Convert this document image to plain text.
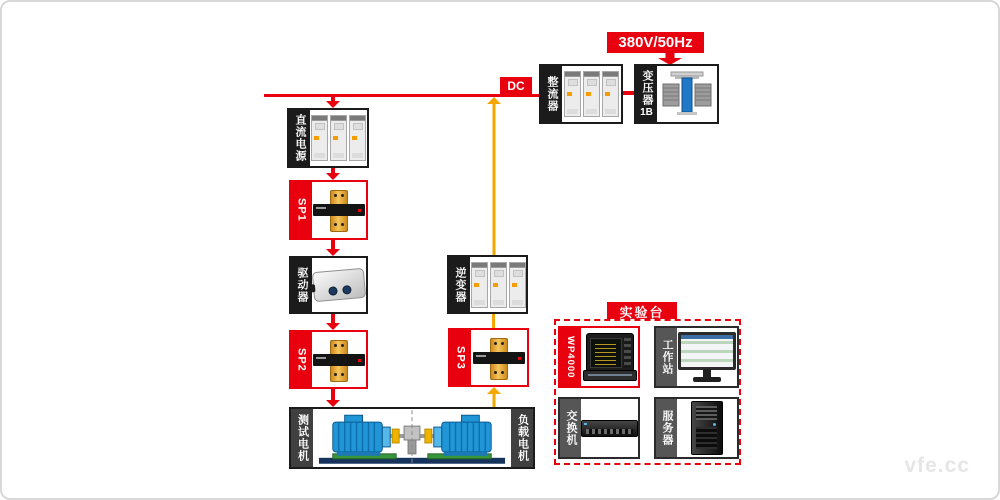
DC
380V/50Hz
整流器	变压器
1B
直流电源
SP1
驱动器
SP2
逆变器
SP3
测试电机	负载电机
实验台
WP4000	工作站
交换机	服务器
vfe.cc
